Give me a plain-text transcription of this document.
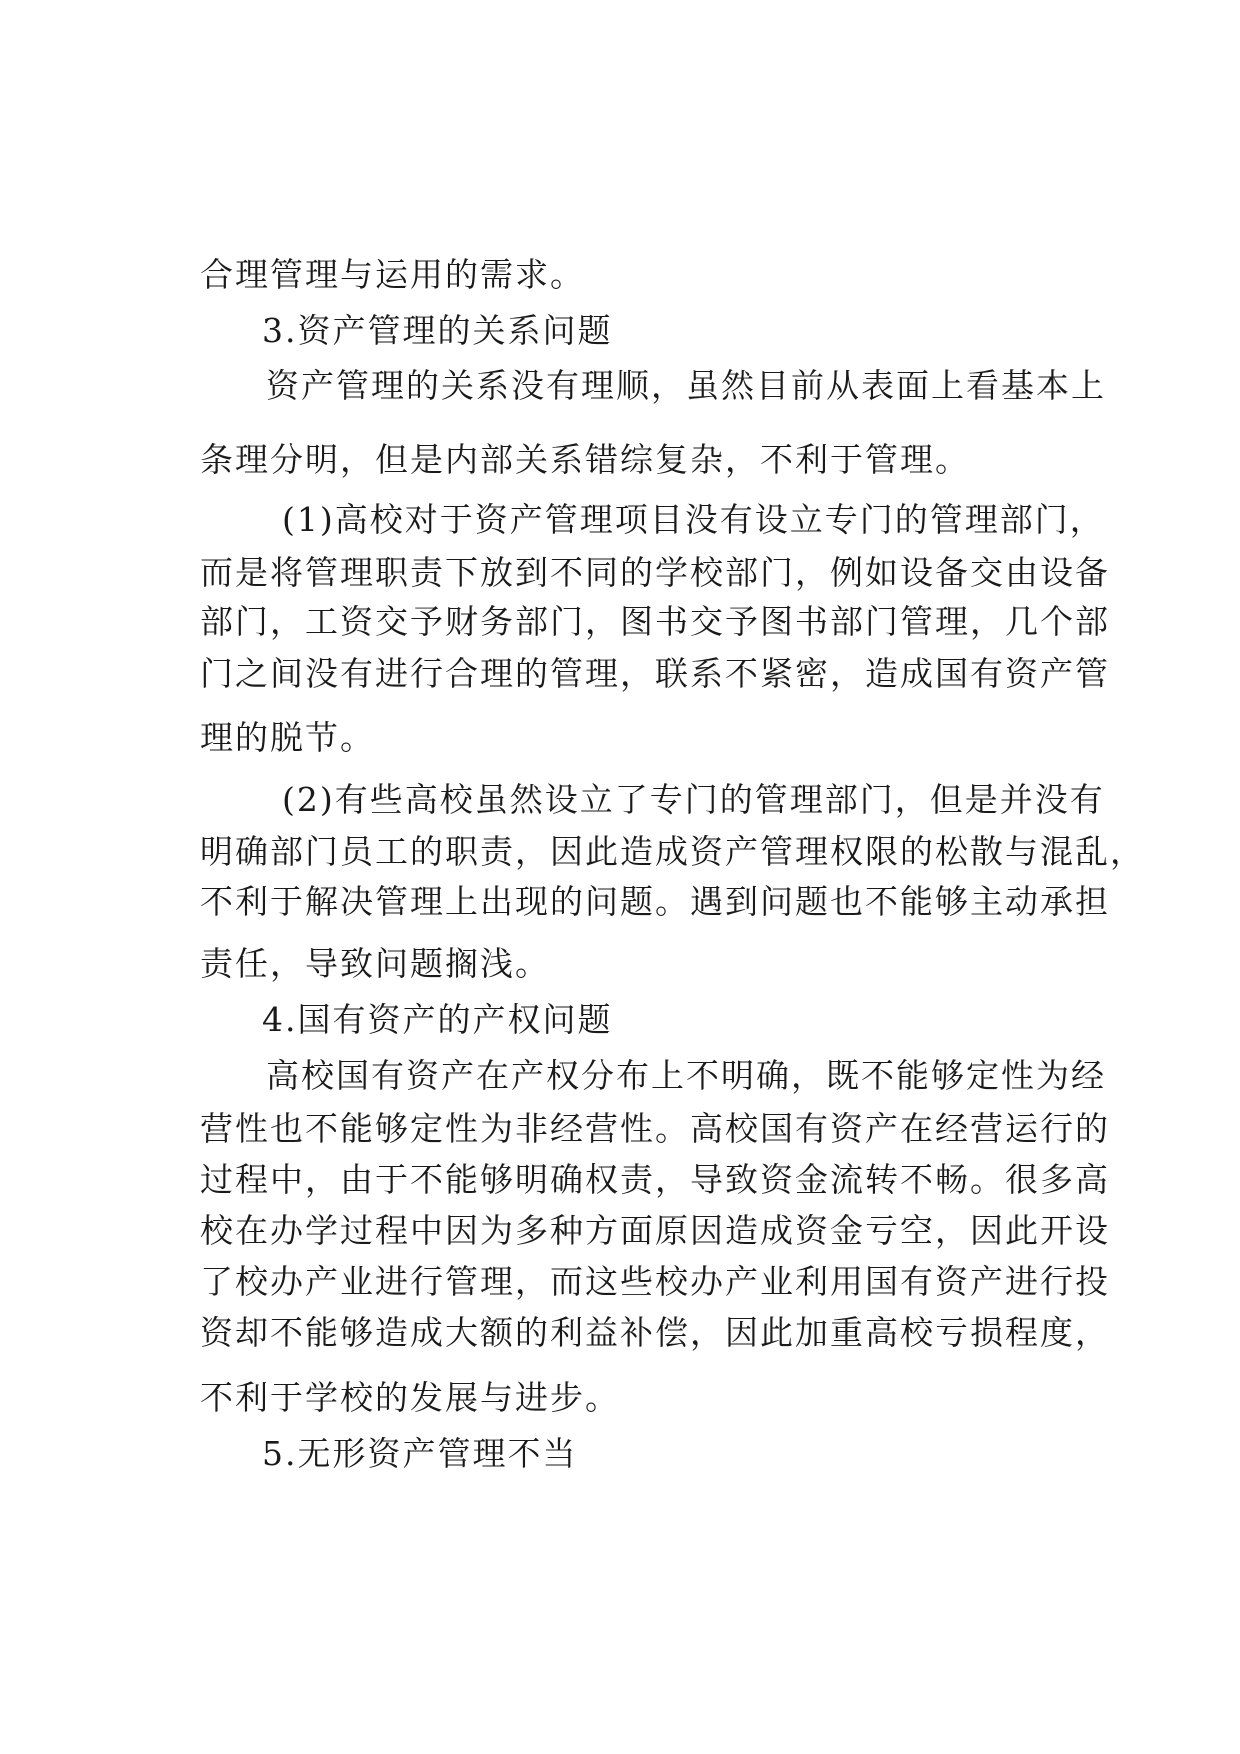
合理管理与运用的需求。
3.资产管理的关系问题
资产管理的关系没有理顺，虽然目前从表面上看基本上
条理分明，但是内部关系错综复杂，不利于管理。
(1)高校对于资产管理项目没有设立专门的管理部门，
而是将管理职责下放到不同的学校部门，例如设备交由设备
部门，工资交予财务部门，图书交予图书部门管理，几个部
门之间没有进行合理的管理，联系不紧密，造成国有资产管
理的脱节。
(2)有些高校虽然设立了专门的管理部门，但是并没有
明确部门员工的职责，因此造成资产管理权限的松散与混乱，
不利于解决管理上出现的问题。遇到问题也不能够主动承担
责任，导致问题搁浅。
4.国有资产的产权问题
高校国有资产在产权分布上不明确，既不能够定性为经
营性也不能够定性为非经营性。高校国有资产在经营运行的
过程中，由于不能够明确权责，导致资金流转不畅。很多高
校在办学过程中因为多种方面原因造成资金亏空，因此开设
了校办产业进行管理，而这些校办产业利用国有资产进行投
资却不能够造成大额的利益补偿，因此加重高校亏损程度，
不利于学校的发展与进步。
5.无形资产管理不当
